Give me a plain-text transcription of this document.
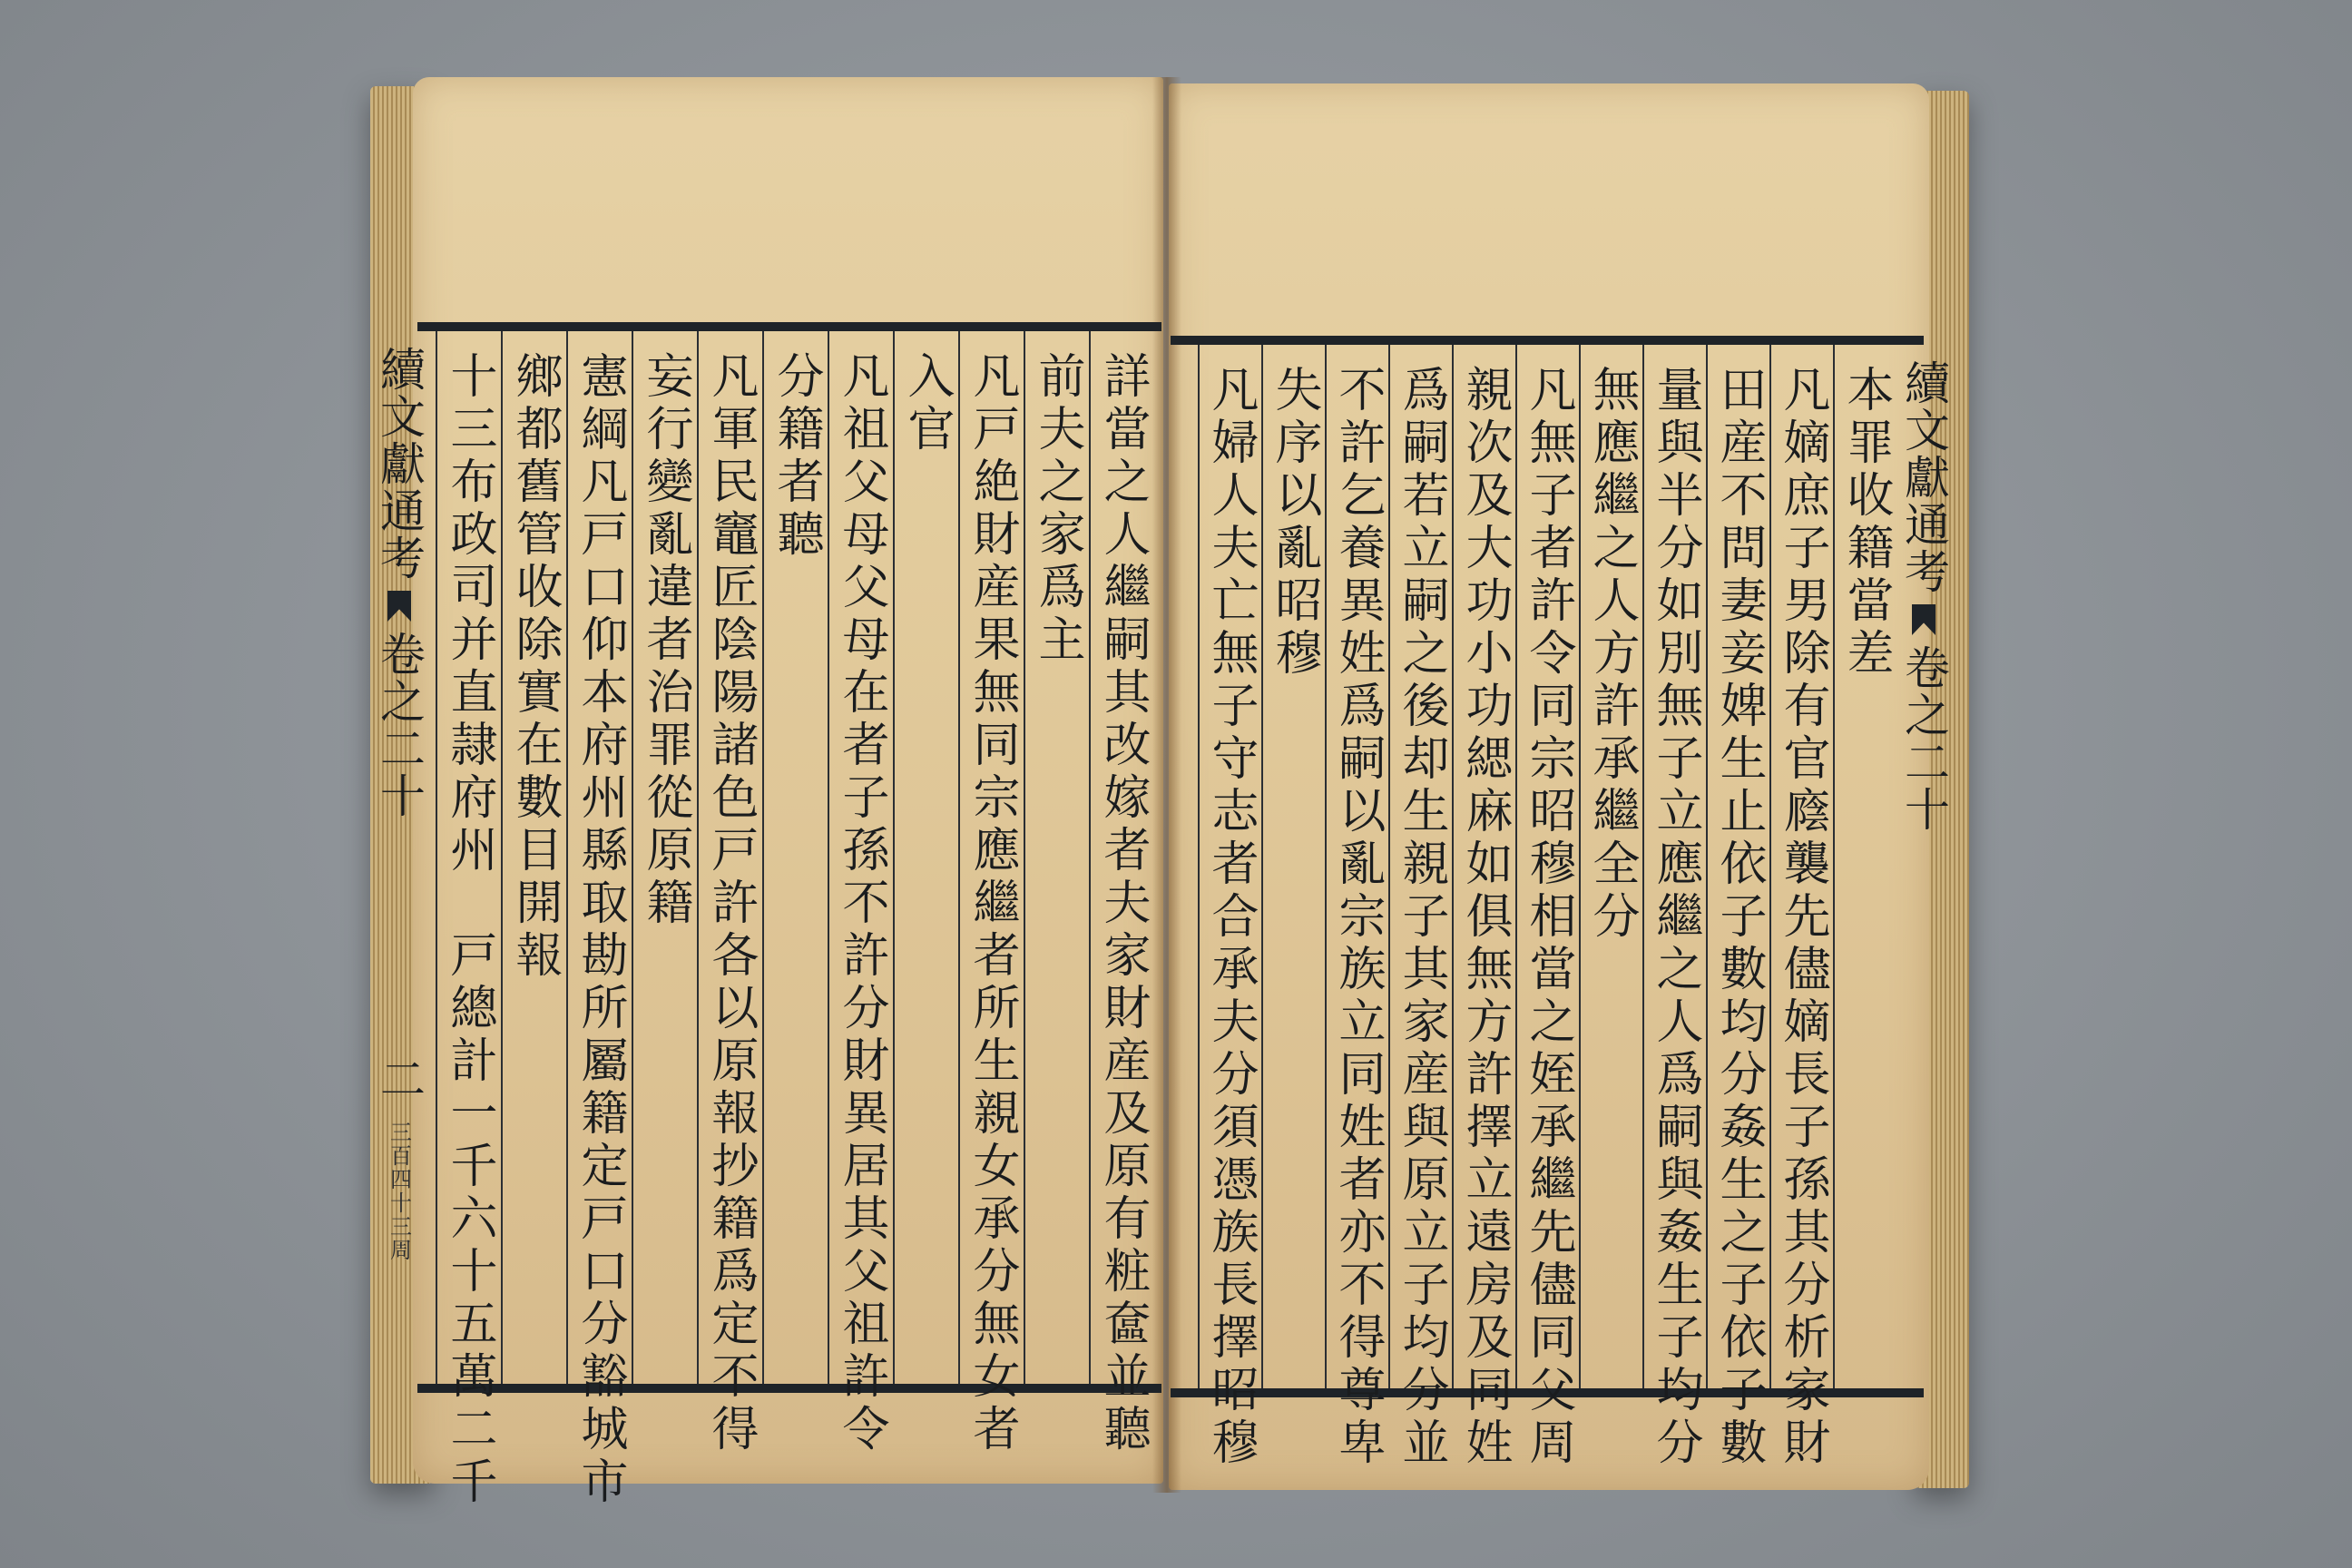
續文獻通考
卷之二十
二
三百四十三周	詳當之人繼嗣其改嫁者夫家財産及原有粧奩並聽
前夫之家爲主
凡戸絶財産果無同宗應繼者所生親女承分無女者
入官
凡祖父母父母在者子孫不許分財異居其父祖許令
分籍者聽
凡軍民竈匠陰陽諸色戸許各以原報抄籍爲定不得
妄行變亂違者治罪從原籍
憲綱凡戸口仰本府州縣取勘所屬籍定戸口分豁城市
鄉都舊管收除實在數目開報
十三布政司并直隷府州　戸總計一千六十五萬二千	本罪收籍當差
凡嫡庶子男除有官廕襲先儘嫡長子孫其分析家財
田産不問妻妾婢生止依子數均分姦生之子依子數
量與半分如別無子立應繼之人爲嗣與姦生子均分
無應繼之人方許承繼全分
凡無子者許令同宗昭穆相當之姪承繼先儘同父周
親次及大功小功緦麻如俱無方許擇立遠房及同姓
爲嗣若立嗣之後却生親子其家産與原立子均分並
不許乞養異姓爲嗣以亂宗族立同姓者亦不得尊卑
失序以亂昭穆
凡婦人夫亡無子守志者合承夫分須憑族長擇昭穆	續文獻通考
卷之二十
